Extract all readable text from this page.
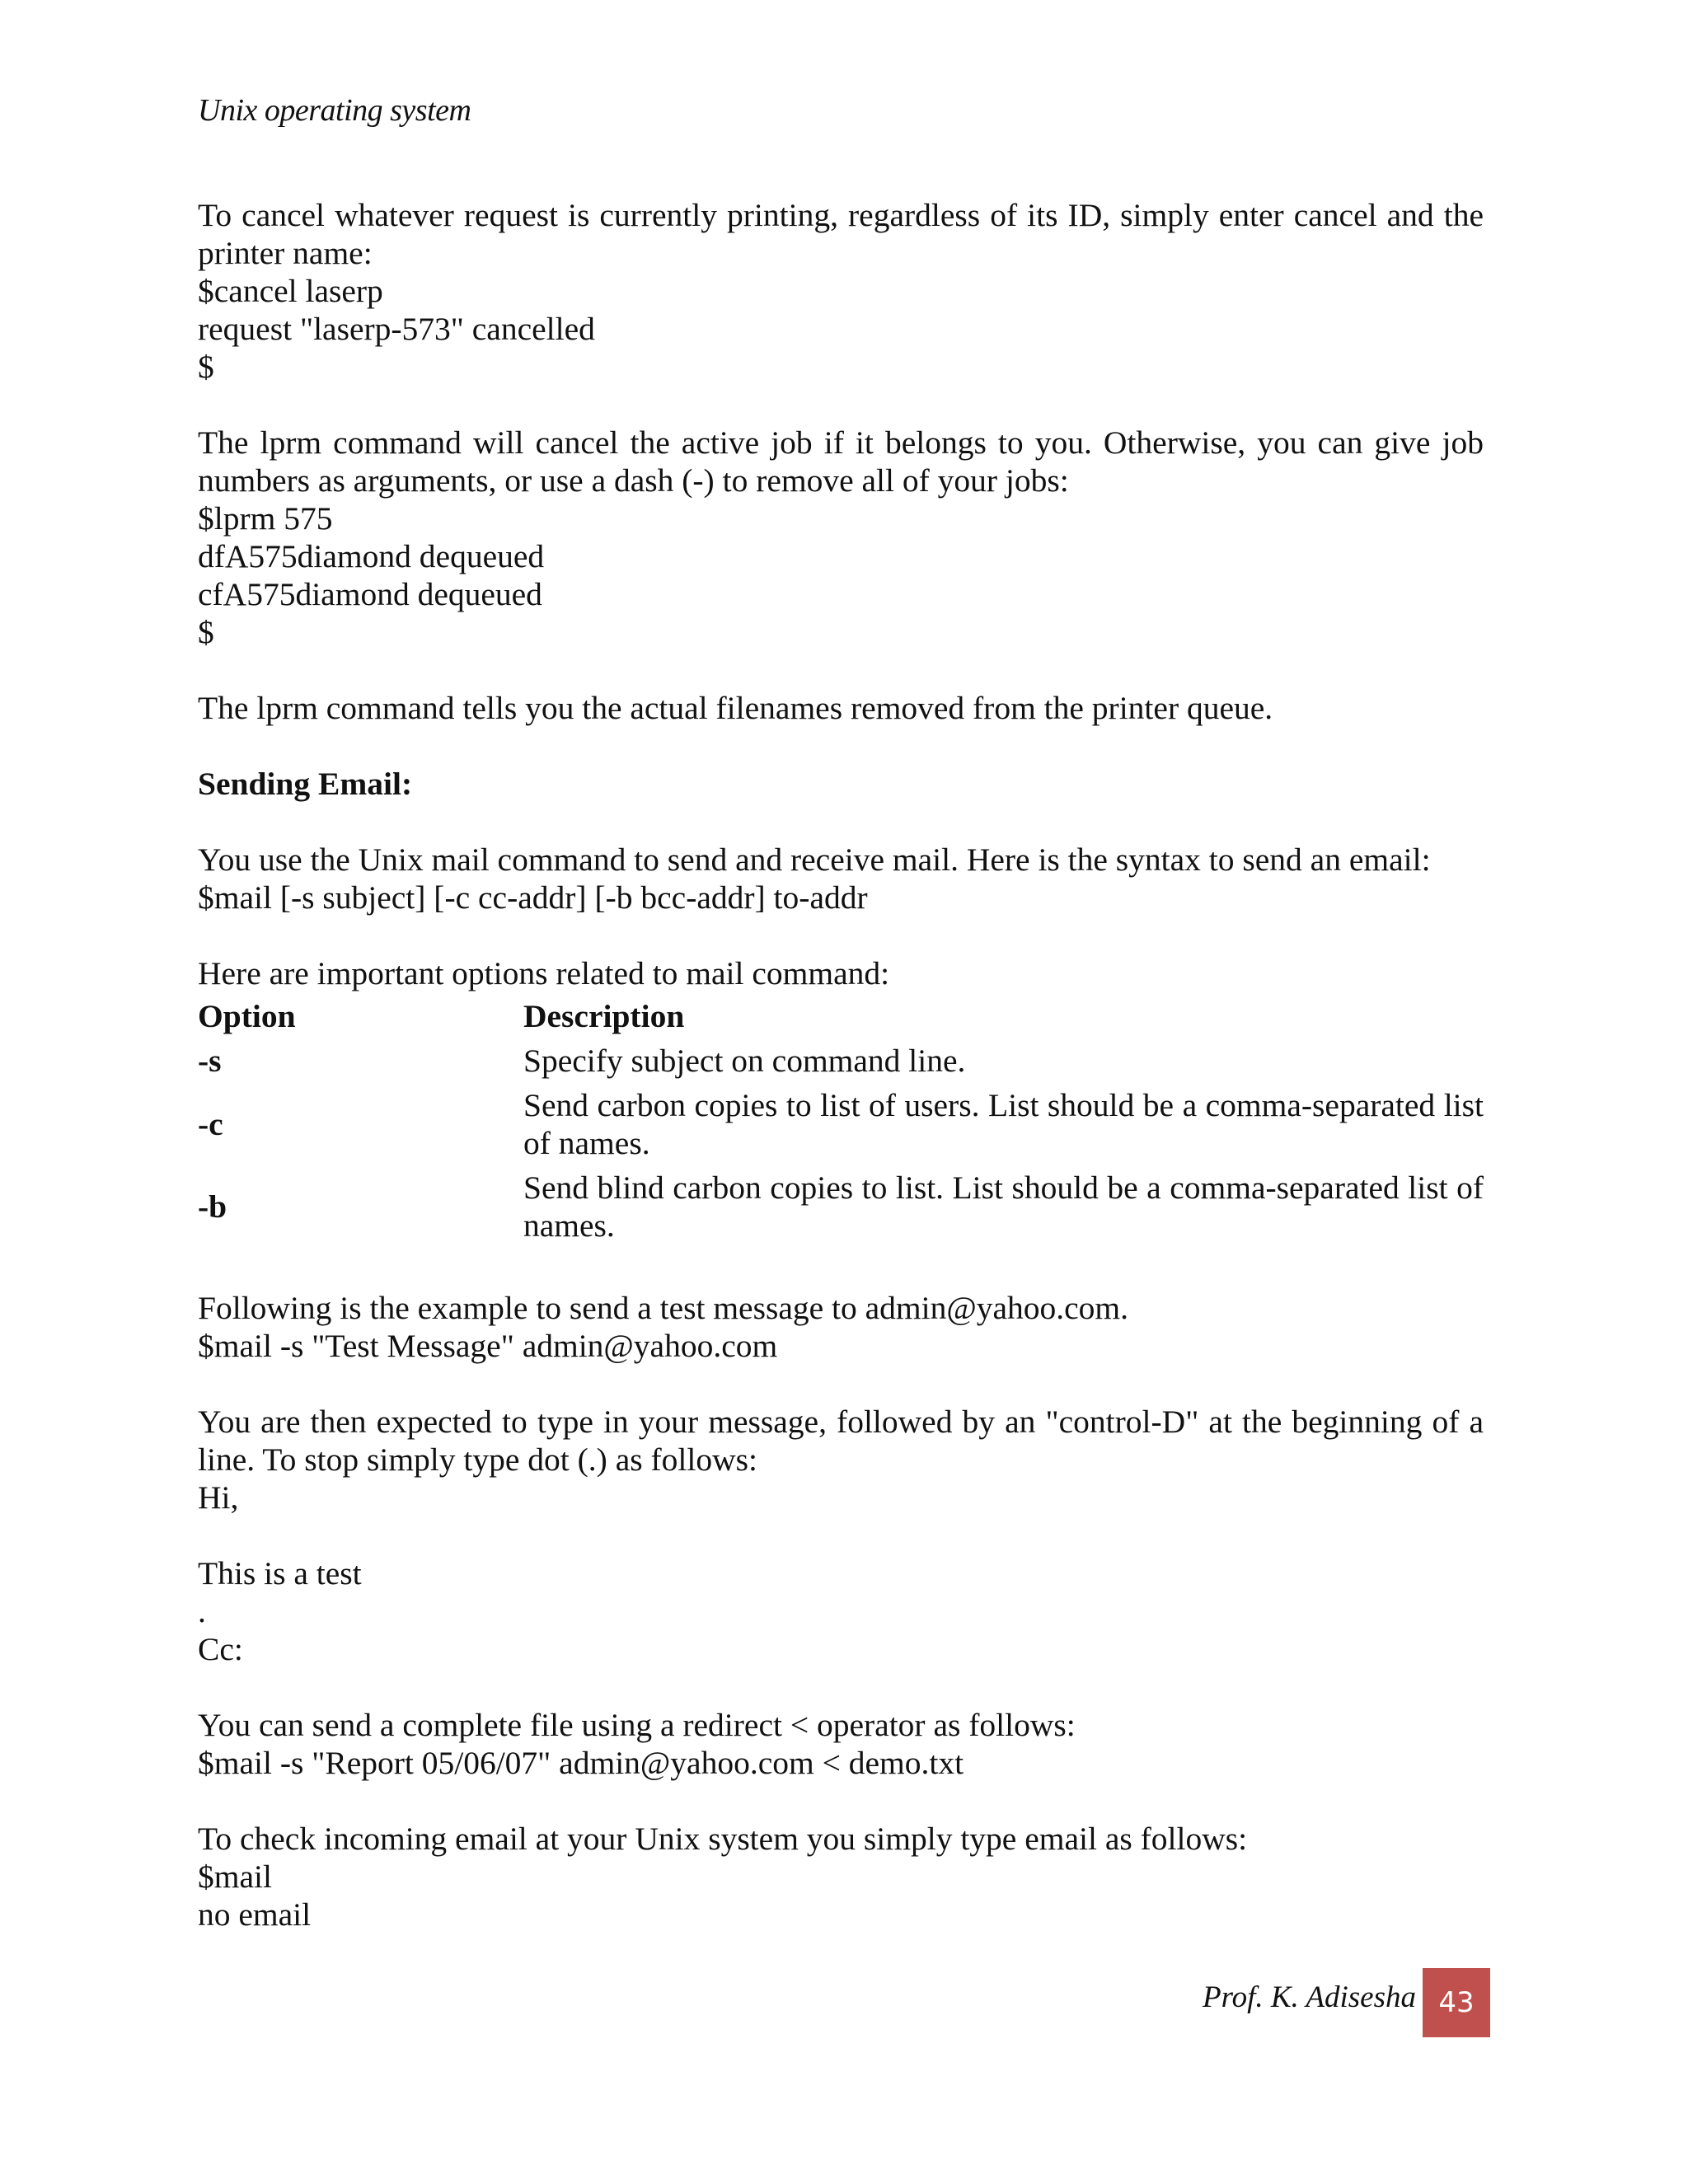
Unix operating system
To cancel whatever request is currently printing, regardless of its ID, simply enter cancel and the printer name:
$cancel laserp
request "laserp-573" cancelled
$
The lprm command will cancel the active job if it belongs to you. Otherwise, you can give job numbers as arguments, or use a dash (-) to remove all of your jobs:
$lprm 575
dfA575diamond dequeued
cfA575diamond dequeued
$
The lprm command tells you the actual filenames removed from the printer queue.
Sending Email:
You use the Unix mail command to send and receive mail. Here is the syntax to send an email:
$mail [-s subject] [-c cc-addr] [-b bcc-addr] to-addr
Here are important options related to mail command:
Option	Description
-s	Specify subject on command line.
-c	Send carbon copies to list of users. List should be a comma-separated list of names.
-b	Send blind carbon copies to list. List should be a comma-separated list of names.
Following is the example to send a test message to admin@yahoo.com.
$mail -s "Test Message" admin@yahoo.com
You are then expected to type in your message, followed by an "control-D" at the beginning of a line. To stop simply type dot (.) as follows:
Hi,
This is a test
.
Cc:
You can send a complete file using a redirect < operator as follows:
$mail -s "Report 05/06/07" admin@yahoo.com < demo.txt
To check incoming email at your Unix system you simply type email as follows:
$mail
no email
Prof. K. Adisesha 43
